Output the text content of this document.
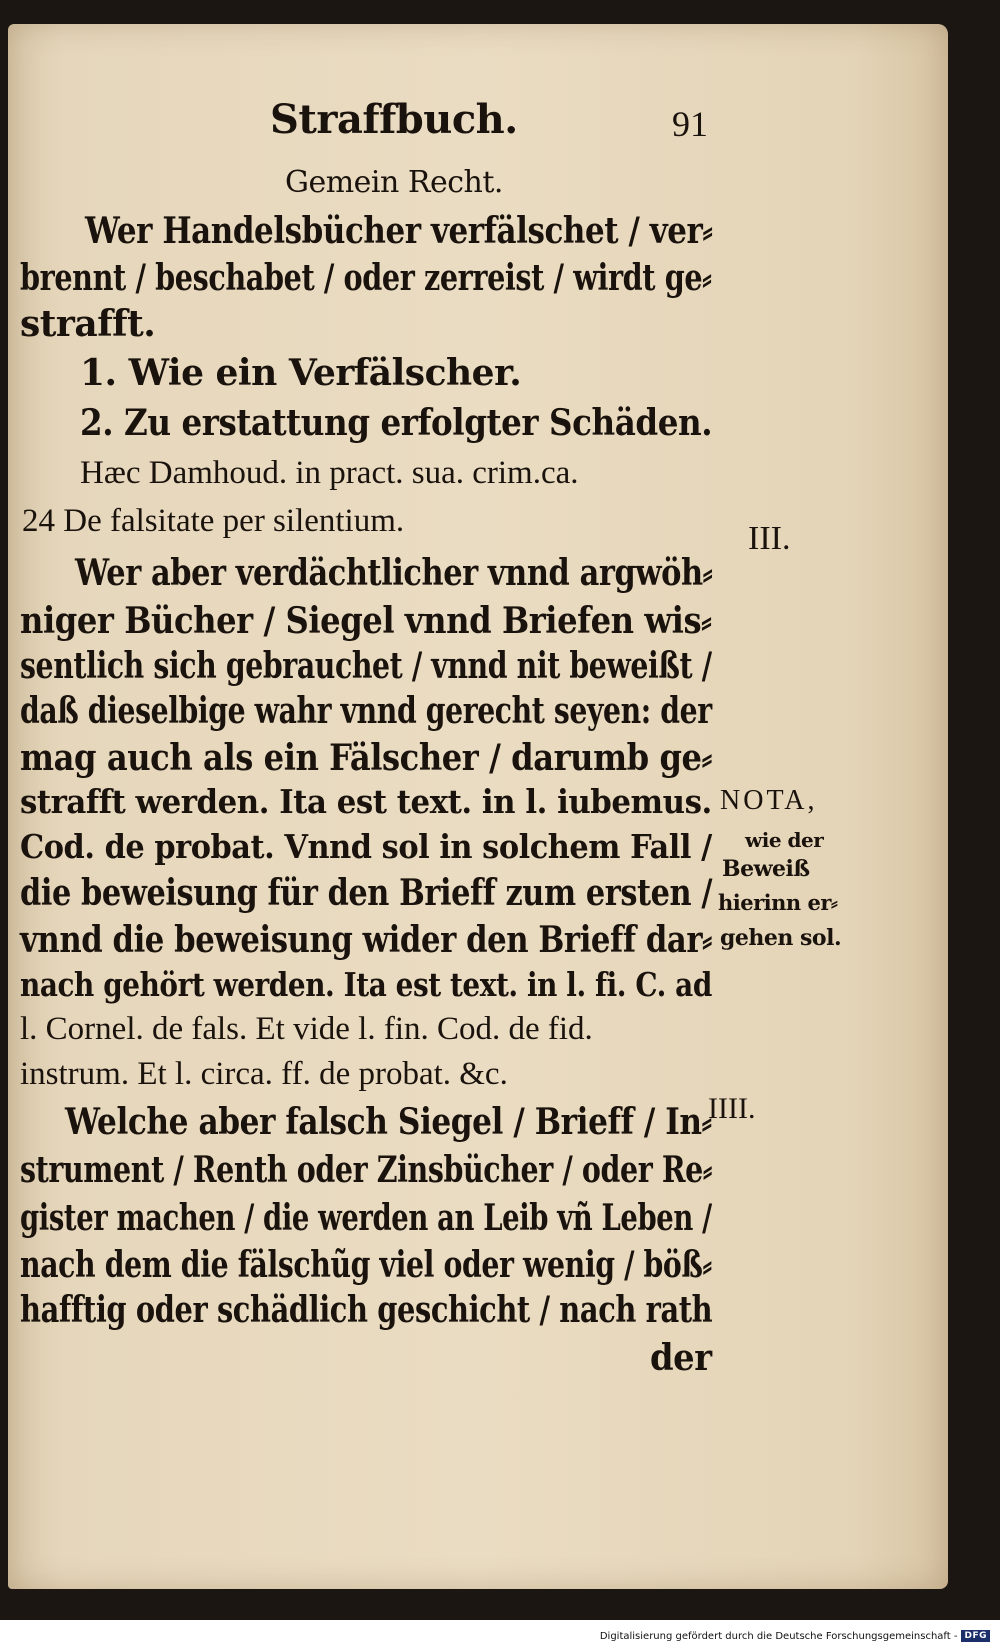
Straffbuch.	91
Gemein Recht.
Wer Handelsbücher verfälschet / ver⸗
brennt / beschabet / oder zerreist / wirdt ge⸗
strafft.
1. Wie ein Verfälscher.
2. Zu erstattung erfolgter Schäden.
Hæc Damhoud. in pract. sua. crim.ca.
24 De falsitate per silentium.
Wer aber verdächtlicher vnnd argwöh⸗
niger Bücher / Siegel vnnd Briefen wis⸗
sentlich sich gebrauchet / vnnd nit beweißt /
daß dieselbige wahr vnnd gerecht seyen: der
mag auch als ein Fälscher / darumb ge⸗
strafft werden. Ita est text. in l. iubemus.
Cod. de probat. Vnnd sol in solchem Fall /
die beweisung für den Brieff zum ersten /
vnnd die beweisung wider den Brieff dar⸗
nach gehört werden. Ita est text. in l. fi. C. ad
l. Cornel. de fals. Et vide l. fin. Cod. de fid.
instrum. Et l. circa. ff. de probat. &c.
Welche aber falsch Siegel / Brieff / In⸗
strument / Renth oder Zinsbücher / oder Re⸗
gister machen / die werden an Leib vñ Leben /
nach dem die fälschũg viel oder wenig / böß⸗
hafftig oder schädlich geschicht / nach rath
der
III.
NOTA,
wie der
Beweiß
hierinn er⸗
gehen sol.
IIII.
Digitalisierung gefördert durch die Deutsche Forschungsgemeinschaft - DFG
